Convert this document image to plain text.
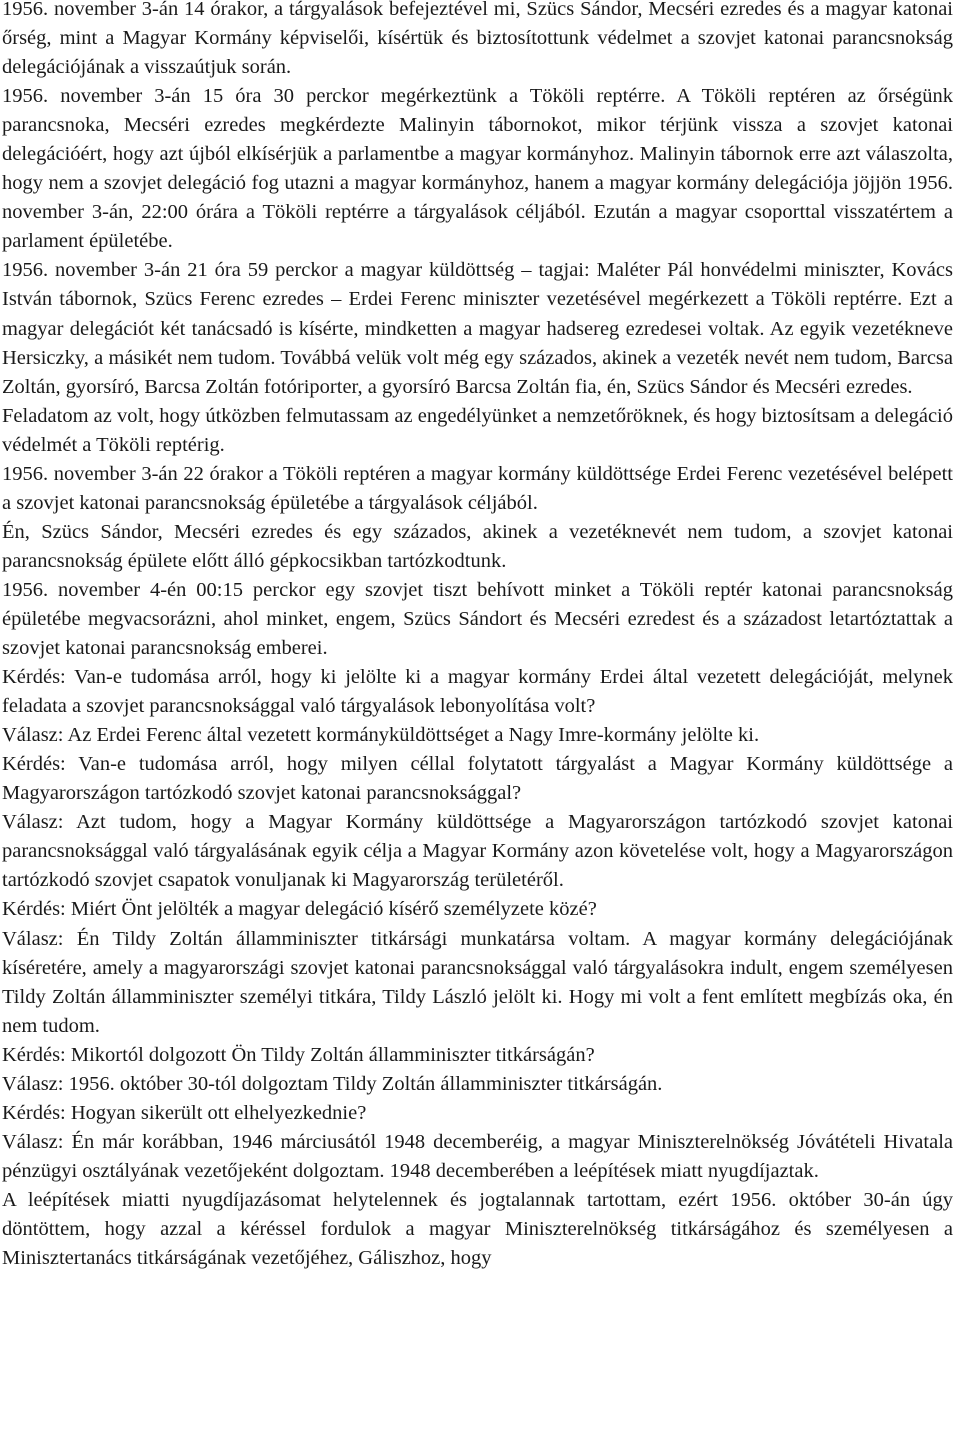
1956. november 3-án 14 órakor, a tárgyalások befejeztével mi, Szücs Sándor, Mecséri ezredes és a magyar katonai őrség, mint a Magyar Kormány képviselői, kísértük és biztosítottunk védelmet a szovjet katonai parancsnokság delegációjának a visszaútjuk során.

1956. november 3-án 15 óra 30 perckor megérkeztünk a Tököli reptérre. A Tököli reptéren az őrségünk parancsnoka, Mecséri ezredes megkérdezte Malinyin tábornokot, mikor térjünk vissza a szovjet katonai delegációért, hogy azt újból elkísérjük a parlamentbe a magyar kormányhoz. Malinyin tábornok erre azt válaszolta, hogy nem a szovjet delegáció fog utazni a magyar kormányhoz, hanem a magyar kormány delegációja jöjjön 1956. november 3-án, 22:00 órára a Tököli reptérre a tárgyalások céljából. Ezután a magyar csoporttal visszatértem a parlament épületébe.

1956. november 3-án 21 óra 59 perckor a magyar küldöttség – tagjai: Maléter Pál honvédelmi miniszter, Kovács István tábornok, Szücs Ferenc ezredes – Erdei Ferenc miniszter vezetésével megérkezett a Tököli reptérre. Ezt a magyar delegációt két tanácsadó is kísérte, mindketten a magyar hadsereg ezredesei voltak. Az egyik vezetékneve Hersiczky, a másikét nem tudom. Továbbá velük volt még egy százados, akinek a vezeték nevét nem tudom, Barcsa Zoltán, gyorsíró, Barcsa Zoltán fotóriporter, a gyorsíró Barcsa Zoltán fia, én, Szücs Sándor és Mecséri ezredes.

Feladatom az volt, hogy útközben felmutassam az engedélyünket a nemzetőröknek, és hogy biztosítsam a delegáció védelmét a Tököli reptérig.

1956. november 3-án 22 órakor a Tököli reptéren a magyar kormány küldöttsége Erdei Ferenc vezetésével belépett a szovjet katonai parancsnokság épületébe a tárgyalások céljából.

Én, Szücs Sándor, Mecséri ezredes és egy százados, akinek a vezetéknevét nem tudom, a szovjet katonai parancsnokság épülete előtt álló gépkocsikban tartózkodtunk.

1956. november 4-én 00:15 perckor egy szovjet tiszt behívott minket a Tököli reptér katonai parancsnokság épületébe megvacsorázni, ahol minket, engem, Szücs Sándort és Mecséri ezredest és a századost letartóztattak a szovjet katonai parancsnokság emberei.

Kérdés: Van-e tudomása arról, hogy ki jelölte ki a magyar kormány Erdei által vezetett delegációját, melynek feladata a szovjet parancsnoksággal való tárgyalások lebonyolítása volt?

Válasz: Az Erdei Ferenc által vezetett kormányküldöttséget a Nagy Imre-kormány jelölte ki.

Kérdés: Van-e tudomása arról, hogy milyen céllal folytatott tárgyalást a Magyar Kormány küldöttsége a Magyarországon tartózkodó szovjet katonai parancsnoksággal?

Válasz: Azt tudom, hogy a Magyar Kormány küldöttsége a Magyarországon tartózkodó szovjet katonai parancsnoksággal való tárgyalásának egyik célja a Magyar Kormány azon követelése volt, hogy a Magyarországon tartózkodó szovjet csapatok vonuljanak ki Magyarország területéről.

Kérdés: Miért Önt jelölték a magyar delegáció kísérő személyzete közé?

Válasz: Én Tildy Zoltán államminiszter titkársági munkatársa voltam. A magyar kormány delegációjának kíséretére, amely a magyarországi szovjet katonai parancsnoksággal való tárgyalásokra indult, engem személyesen Tildy Zoltán államminiszter személyi titkára, Tildy László jelölt ki. Hogy mi volt a fent említett megbízás oka, én nem tudom.

Kérdés: Mikortól dolgozott Ön Tildy Zoltán államminiszter titkárságán?

Válasz: 1956. október 30-tól dolgoztam Tildy Zoltán államminiszter titkárságán.

Kérdés: Hogyan sikerült ott elhelyezkednie?

Válasz: Én már korábban, 1946 márciusától 1948 decemberéig, a magyar Miniszterelnökség Jóvátételi Hivatala pénzügyi osztályának vezetőjeként dolgoztam. 1948 decemberében a leépítések miatt nyugdíjaztak.

A leépítések miatti nyugdíjazásomat helytelennek és jogtalannak tartottam, ezért 1956. október 30-án úgy döntöttem, hogy azzal a kéréssel fordulok a magyar Miniszterelnökség titkárságához és személyesen a Minisztertanács titkárságának vezetőjéhez, Gáliszhoz, hogy
